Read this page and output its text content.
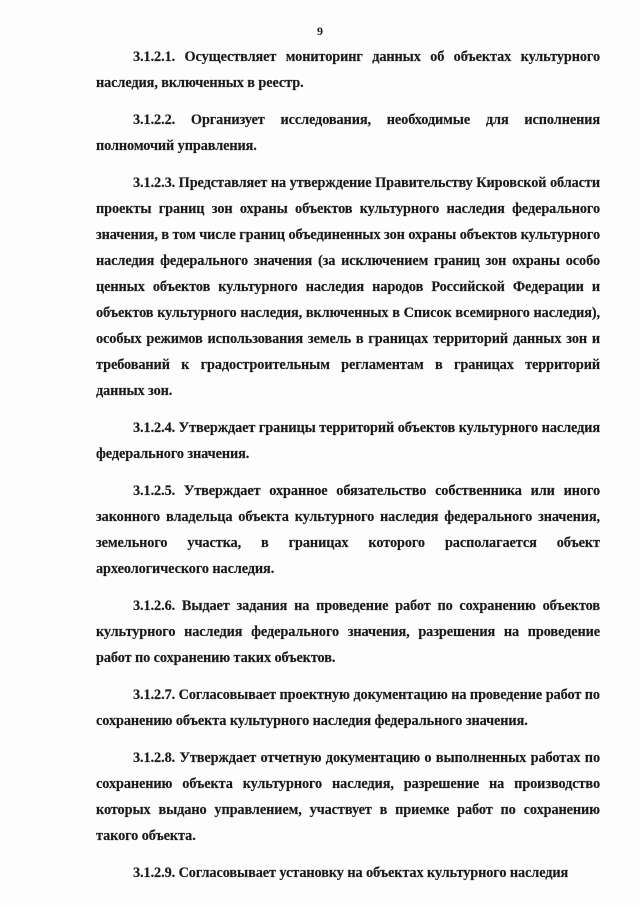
9

3.1.2.1. Осуществляет мониторинг данных об объектах культурного наследия, включенных в реестр.

3.1.2.2. Организует исследования, необходимые для исполнения полномочий управления.

3.1.2.3. Представляет на утверждение Правительству Кировской области проекты границ зон охраны объектов культурного наследия федерального значения, в том числе границ объединенных зон охраны объектов культурного наследия федерального значения (за исключением границ зон охраны особо ценных объектов культурного наследия народов Российской Федерации и объектов культурного наследия, включенных в Список всемирного наследия), особых режимов использования земель в границах территорий данных зон и требований к градостроительным регламентам в границах территорий данных зон.

3.1.2.4. Утверждает границы территорий объектов культурного наследия федерального значения.

3.1.2.5. Утверждает охранное обязательство собственника или иного законного владельца объекта культурного наследия федерального значения, земельного участка, в границах которого располагается объект археологического наследия.

3.1.2.6. Выдает задания на проведение работ по сохранению объектов культурного наследия федерального значения, разрешения на проведение работ по сохранению таких объектов.

3.1.2.7. Согласовывает проектную документацию на проведение работ по сохранению объекта культурного наследия федерального значения.

3.1.2.8. Утверждает отчетную документацию о выполненных работах по сохранению объекта культурного наследия, разрешение на производство которых выдано управлением, участвует в приемке работ по сохранению такого объекта.

3.1.2.9. Согласовывает установку на объектах культурного наследия
